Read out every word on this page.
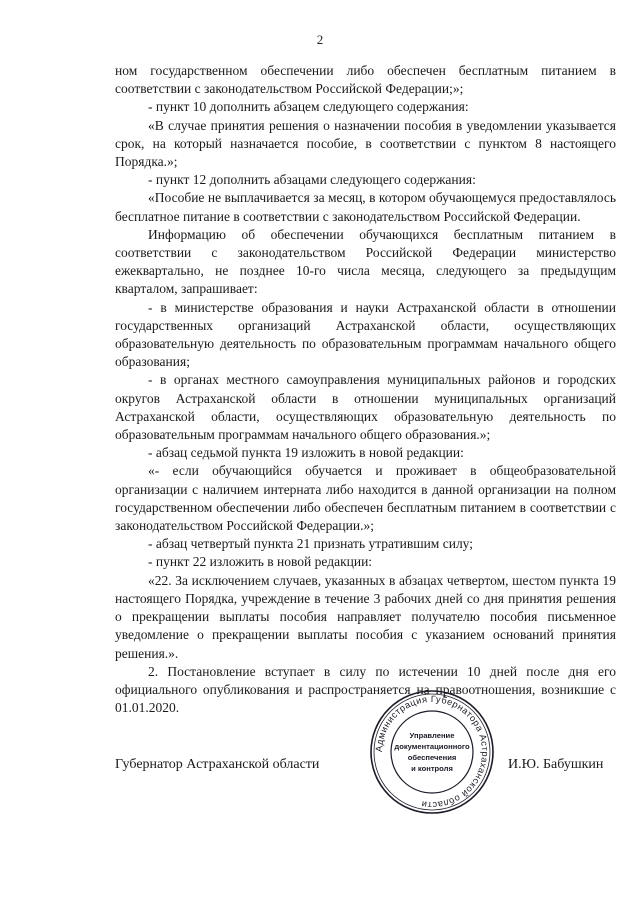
2

ном государственном обеспечении либо обеспечен бесплатным питанием в соответствии с законодательством Российской Федерации;»;

- пункт 10 дополнить абзацем следующего содержания:

«В случае принятия решения о назначении пособия в уведомлении указывается срок, на который назначается пособие, в соответствии с пунктом 8 настоящего Порядка.»;

- пункт 12 дополнить абзацами следующего содержания:

«Пособие не выплачивается за месяц, в котором обучающемуся предоставлялось бесплатное питание в соответствии с законодательством Российской Федерации.

Информацию об обеспечении обучающихся бесплатным питанием в соответствии с законодательством Российской Федерации министерство ежеквартально, не позднее 10-го числа месяца, следующего за предыдущим кварталом, запрашивает:

- в министерстве образования и науки Астраханской области в отношении государственных организаций Астраханской области, осуществляющих образовательную деятельность по образовательным программам начального общего образования;

- в органах местного самоуправления муниципальных районов и городских округов Астраханской области в отношении муниципальных организаций Астраханской области, осуществляющих образовательную деятельность по образовательным программам начального общего образования.»;

- абзац седьмой пункта 19 изложить в новой редакции:

«- если обучающийся обучается и проживает в общеобразовательной организации с наличием интерната либо находится в данной организации на полном государственном обеспечении либо обеспечен бесплатным питанием в соответствии с законодательством Российской Федерации.»;

- абзац четвертый пункта 21 признать утратившим силу;

- пункт 22 изложить в новой редакции:

«22. За исключением случаев, указанных в абзацах четвертом, шестом пункта 19 настоящего Порядка, учреждение в течение 3 рабочих дней со дня принятия решения о прекращении выплаты пособия направляет получателю пособия письменное уведомление о прекращении выплаты пособия с указанием оснований принятия решения.».

2. Постановление вступает в силу по истечении 10 дней после дня его официального опубликования и распространяется на правоотношения, возникшие с 01.01.2020.

Губернатор Астраханской области	И.Ю. Бабушкин
Администрация Губернатора Астраханской области
Управление
документационного
обеспечения
и контроля
